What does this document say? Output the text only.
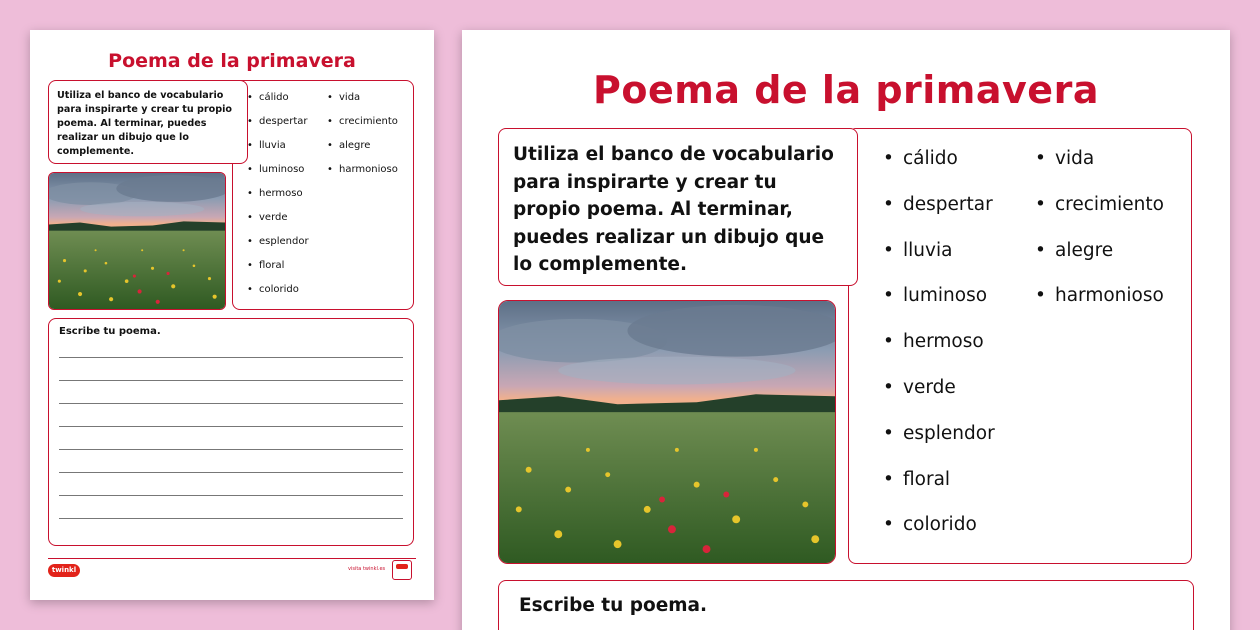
Poema de la primavera
• cálido
• despertar
• lluvia
• luminoso
• hermoso
• verde
• esplendor
• floral
• colorido
• vida
• crecimiento
• alegre
• harmonioso

Utiliza el banco de vocabulario para inspirarte y crear tu propio poema. Al terminar, puedes realizar un dibujo que lo complemente.

Escribe tu poema.
twinkl	visita twinkl.es
Poema de la primavera
• cálido
• despertar
• lluvia
• luminoso
• hermoso
• verde
• esplendor
• floral
• colorido
• vida
• crecimiento
• alegre
• harmonioso

Utiliza el banco de vocabulario para inspirarte y crear tu propio poema. Al terminar, puedes realizar un dibujo que lo complemente.

Escribe tu poema.
